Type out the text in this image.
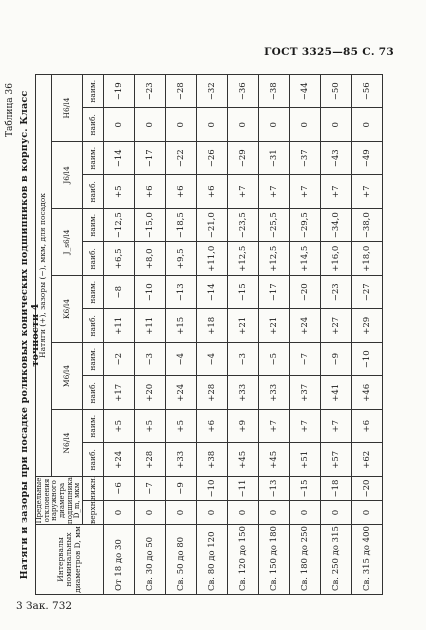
ГОСТ 3325—85 С. 73
Таблица 36 Натяги и зазоры при посадке роликовых конических подшипников в корпус. Класс точности 4
Интервалы номинальных диаметров D, мм	Предельные отклонения наружного диаметра подшипника D_m, мкм		Натяги (+), зазоры (−), мкм, для посадок											
			N6/l4		M6/l4		K6/l4		J_s6/l4		J6/l4		H6/l4	
	верхн.	нижн.	наиб.	наим.	наиб.	наим.	наиб.	наим.	наиб.	наим.	наиб.	наим.	наиб.	наим.
От 18 до 30	0	−6	+24	+5	+17	−2	+11	−8	+6,5	−12,5	+5	−14	0	−19
Св. 30 до 50	0	−7	+28	+5	+20	−3	+11	−10	+8,0	−15,0	+6	−17	0	−23
Св. 50 до 80	0	−9	+33	+5	+24	−4	+15	−13	+9,5	−18,5	+6	−22	0	−28
Св. 80 до 120	0	−10	+38	+6	+28	−4	+18	−14	+11,0	−21,0	+6	−26	0	−32
Св. 120 до 150	0	−11	+45	+9	+33	−3	+21	−15	+12,5	−23,5	+7	−29	0	−36
Св. 150 до 180	0	−13	+45	+7	+33	−5	+21	−17	+12,5	−25,5	+7	−31	0	−38
Св. 180 до 250	0	−15	+51	+7	+37	−7	+24	−20	+14,5	−29,5	+7	−37	0	−44
Св. 250 до 315	0	−18	+57	+7	+41	−9	+27	−23	+16,0	−34,0	+7	−43	0	−50
Св. 315 до 400	0	−20	+62	+6	+46	−10	+29	−27	+18,0	−38,0	+7	−49	0	−56
3 Зак. 732
